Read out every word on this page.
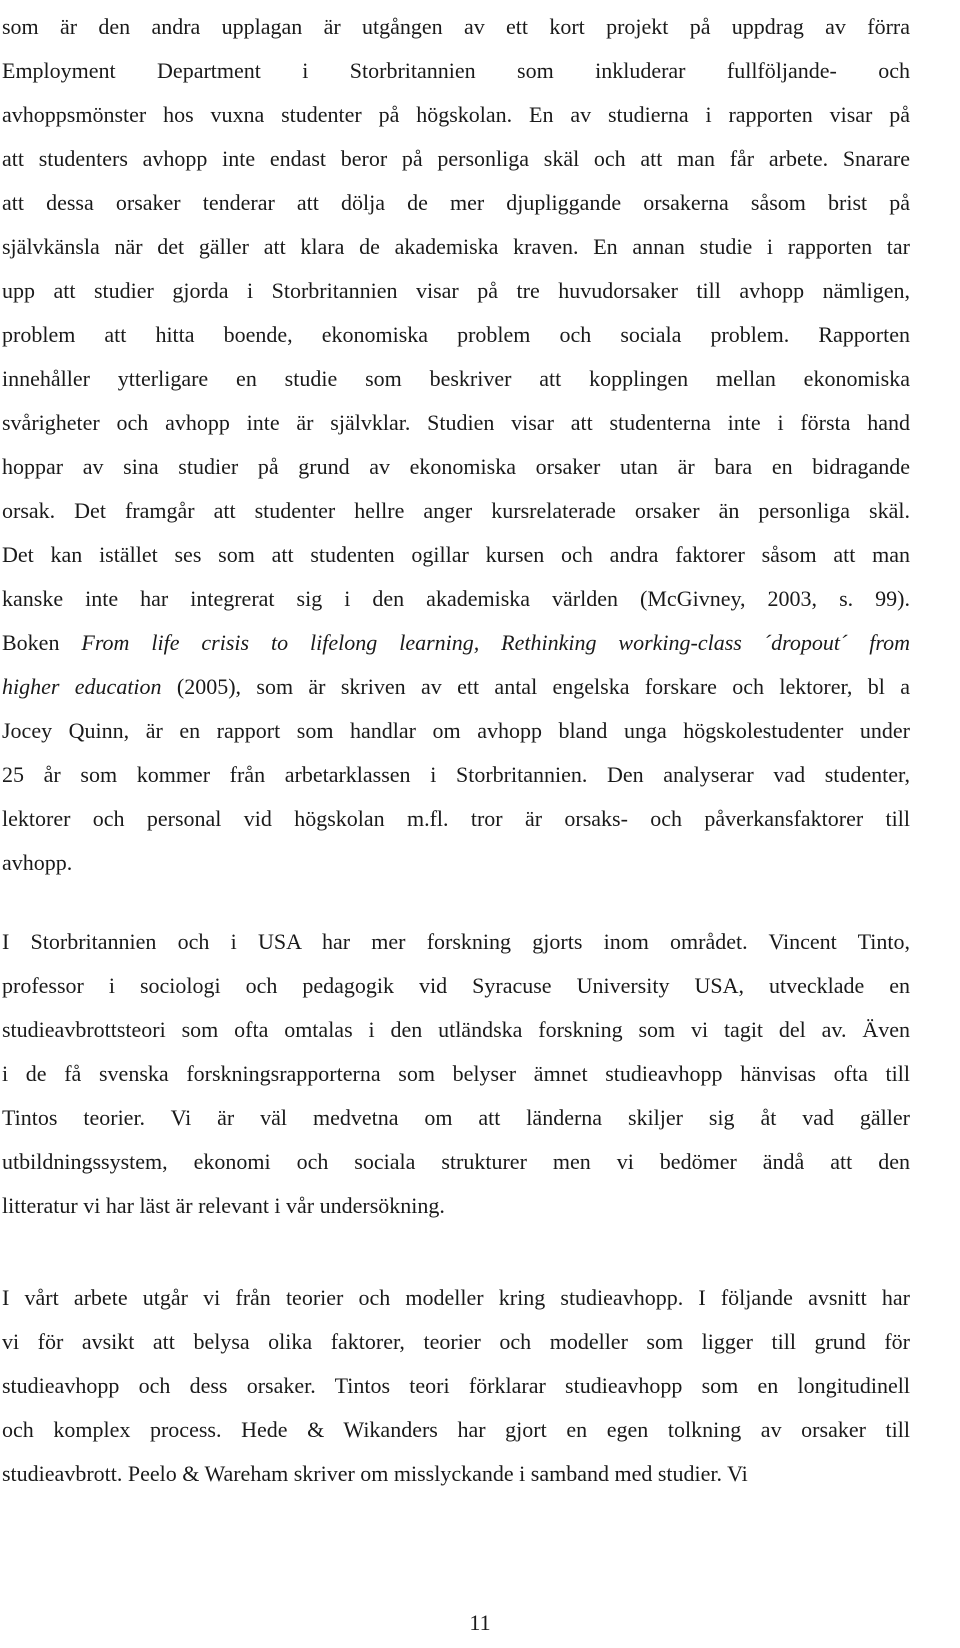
som är den andra upplagan är utgången av ett kort projekt på uppdrag av förra
Employment Department i Storbritannien som inkluderar fullföljande- och
avhoppsmönster hos vuxna studenter på högskolan. En av studierna i rapporten visar på
att studenters avhopp inte endast beror på personliga skäl och att man får arbete. Snarare
att dessa orsaker tenderar att dölja de mer djupliggande orsakerna såsom brist på
självkänsla när det gäller att klara de akademiska kraven. En annan studie i rapporten tar
upp att studier gjorda i Storbritannien visar på tre huvudorsaker till avhopp nämligen,
problem att hitta boende, ekonomiska problem och sociala problem. Rapporten
innehåller ytterligare en studie som beskriver att kopplingen mellan ekonomiska
svårigheter och avhopp inte är självklar. Studien visar att studenterna inte i första hand
hoppar av sina studier på grund av ekonomiska orsaker utan är bara en bidragande
orsak. Det framgår att studenter hellre anger kursrelaterade orsaker än personliga skäl.
Det kan istället ses som att studenten ogillar kursen och andra faktorer såsom att man
kanske inte har integrerat sig i den akademiska världen (McGivney, 2003, s. 99).
Boken From life crisis to lifelong learning, Rethinking working-class ´dropout´ from
higher education (2005), som är skriven av ett antal engelska forskare och lektorer, bl a
Jocey Quinn, är en rapport som handlar om avhopp bland unga högskolestudenter under
25 år som kommer från arbetarklassen i Storbritannien. Den analyserar vad studenter,
lektorer och personal vid högskolan m.fl. tror är orsaks- och påverkansfaktorer till
avhopp.
I Storbritannien och i USA har mer forskning gjorts inom området. Vincent Tinto,
professor i sociologi och pedagogik vid Syracuse University USA, utvecklade en
studieavbrottsteori som ofta omtalas i den utländska forskning som vi tagit del av. Även
i de få svenska forskningsrapporterna som belyser ämnet studieavhopp hänvisas ofta till
Tintos teorier. Vi är väl medvetna om att länderna skiljer sig åt vad gäller
utbildningssystem, ekonomi och sociala strukturer men vi bedömer ändå att den
litteratur vi har läst är relevant i vår undersökning.
I vårt arbete utgår vi från teorier och modeller kring studieavhopp. I följande avsnitt har
vi för avsikt att belysa olika faktorer, teorier och modeller som ligger till grund för
studieavhopp och dess orsaker. Tintos teori förklarar studieavhopp som en longitudinell
och komplex process. Hede & Wikanders har gjort en egen tolkning av orsaker till
studieavbrott. Peelo & Wareham skriver om misslyckande i samband med studier. Vi
11
